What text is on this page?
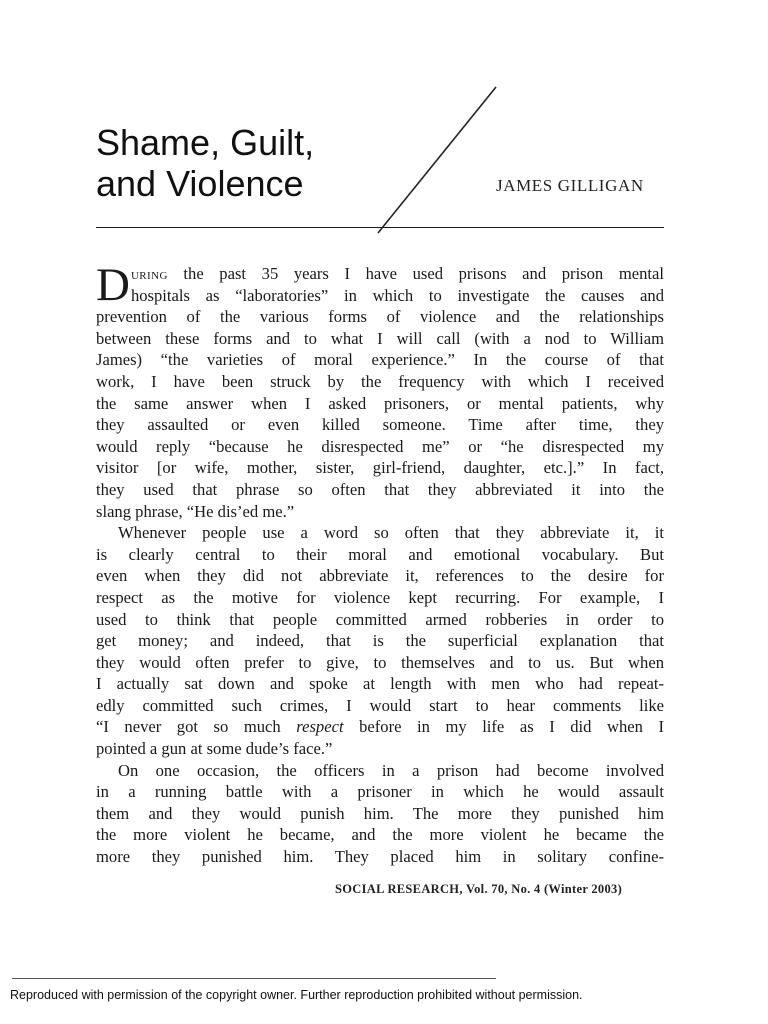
Shame, Guilt,
and Violence	JAMES GILLIGAN
During the past 35 years I have used prisons and prison mental
hospitals as “laboratories” in which to investigate the causes and
prevention of the various forms of violence and the relationships
between these forms and to what I will call (with a nod to William
James) “the varieties of moral experience.” In the course of that
work, I have been struck by the frequency with which I received
the same answer when I asked prisoners, or mental patients, why
they assaulted or even killed someone. Time after time, they
would reply “because he disrespected me” or “he disrespected my
visitor [or wife, mother, sister, girl-friend, daughter, etc.].” In fact,
they used that phrase so often that they abbreviated it into the
slang phrase, “He dis’ed me.”
Whenever people use a word so often that they abbreviate it, it
is clearly central to their moral and emotional vocabulary. But
even when they did not abbreviate it, references to the desire for
respect as the motive for violence kept recurring. For example, I
used to think that people committed armed robberies in order to
get money; and indeed, that is the superficial explanation that
they would often prefer to give, to themselves and to us. But when
I actually sat down and spoke at length with men who had repeat-
edly committed such crimes, I would start to hear comments like
“I never got so much respect before in my life as I did when I
pointed a gun at some dude’s face.”
On one occasion, the officers in a prison had become involved
in a running battle with a prisoner in which he would assault
them and they would punish him. The more they punished him
the more violent he became, and the more violent he became the
more they punished him. They placed him in solitary confine-
SOCIAL RESEARCH, Vol. 70, No. 4 (Winter 2003)
Reproduced with permission of the copyright owner. Further reproduction prohibited without permission.
